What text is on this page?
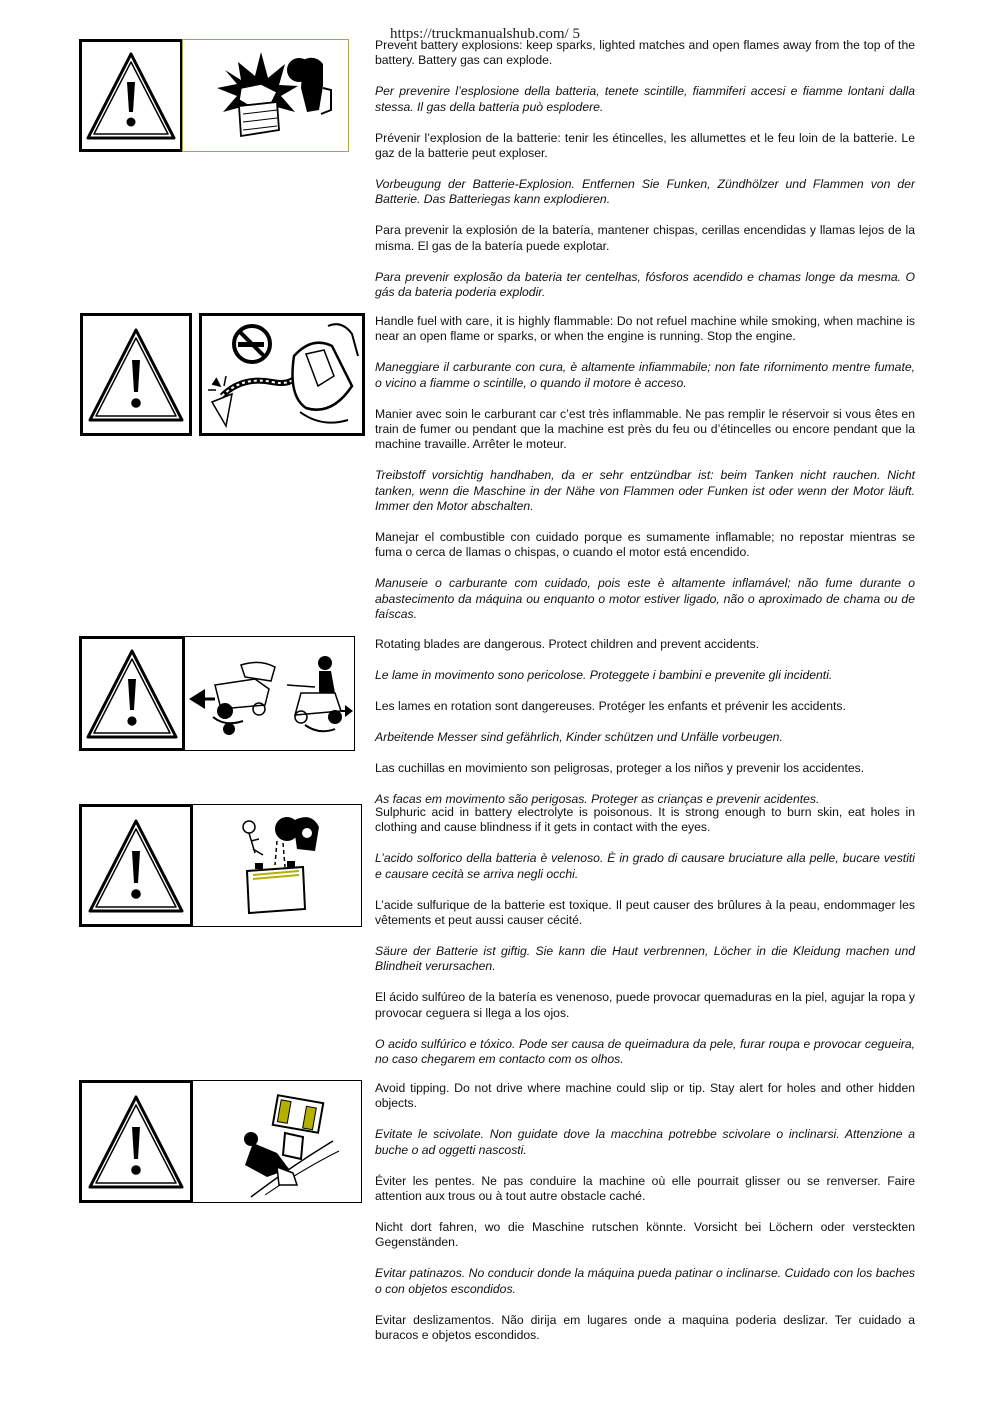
https://truckmanualshub.com/ 5

Prevent battery explosions: keep sparks, lighted matches and open flames away from the top of the battery. Battery gas can explode.

Per prevenire l’esplosione della batteria, tenete scintille, fiammiferi accesi e fiamme lontani dalla stessa. Il gas della batteria può esplodere.

Prévenir l’explosion de la batterie: tenir les étincelles, les allumettes et le feu loin de la batterie. Le gaz de la batterie peut exploser.

Vorbeugung der Batterie-Explosion. Entfernen Sie Funken, Zündhölzer und Flammen von der Batterie. Das Batteriegas kann explodieren.

Para prevenir la explosión de la batería, mantener chispas, cerillas encendidas y llamas lejos de la misma. El gas de la batería puede explotar.

Para prevenir explosão da bateria ter centelhas, fósforos acendido e chamas longe da mesma. O gás da bateria poderia explodir.

Handle fuel with care, it is highly flammable: Do not refuel machine while smoking, when machine is near an open flame or sparks, or when the engine is running. Stop the engine.

Maneggiare il carburante con cura, è altamente infiammabile; non fate rifornimento mentre fumate, o vicino a fiamme o scintille, o quando il motore è acceso.

Manier avec soin le carburant car c’est très inflammable. Ne pas remplir le réservoir si vous êtes en train de fumer ou pendant que la machine est près du feu ou d’étincelles ou encore pendant que la machine travaille. Arrêter le moteur.

Treibstoff vorsichtig handhaben, da er sehr entzündbar ist: beim Tanken nicht rauchen. Nicht tanken, wenn die Maschine in der Nähe von Flammen oder Funken ist oder wenn der Motor läuft. Immer den Motor abschalten.

Manejar el combustible con cuidado porque es sumamente inflamable; no repostar mientras se fuma o cerca de llamas o chispas, o cuando el motor está encendido.

Manuseie o carburante com cuidado, pois este è altamente inflamável; não fume durante o abastecimento da máquina ou enquanto o motor estiver ligado, não o aproximado de chama ou de faíscas.

Rotating blades are dangerous. Protect children and prevent accidents.

Le lame in movimento sono pericolose. Proteggete i bambini e prevenite gli incidenti.

Les lames en rotation sont dangereuses. Protéger les enfants et prévenir les accidents.

Arbeitende Messer sind gefährlich, Kinder schützen und Unfälle vorbeugen.

Las cuchillas en movimiento son peligrosas, proteger a los niños y prevenir los accidentes.

As facas em movimento são perigosas. Proteger as crianças e prevenir acidentes.

Sulphuric acid in battery electrolyte is poisonous. It is strong enough to burn skin, eat holes in clothing and cause blindness if it gets in contact with the eyes.

L’acido solforico della batteria è velenoso. È in grado di causare bruciature alla pelle, bucare vestiti e causare cecità se arriva negli occhi.

L’acide sulfurique de la batterie est toxique. Il peut causer des brûlures à la peau, endommager les vêtements et peut aussi causer cécité.

Säure der Batterie ist giftig. Sie kann die Haut verbrennen, Löcher in die Kleidung machen und Blindheit verursachen.

El ácido sulfúreo de la batería es venenoso, puede provocar quemaduras en la piel, agujar la ropa y provocar ceguera si llega a los ojos.

O acido sulfúrico e tóxico. Pode ser causa de queimadura da pele, furar roupa e provocar cegueira, no caso chegarem em contacto com os olhos.

Avoid tipping. Do not drive where machine could slip or tip. Stay alert for holes and other hidden objects.

Evitate le scivolate. Non guidate dove la macchina potrebbe scivolare o inclinarsi. Attenzione a buche o ad oggetti nascosti.

Éviter les pentes. Ne pas conduire la machine où elle pourrait glisser ou se renverser. Faire attention aux trous ou à tout autre obstacle caché.

Nicht dort fahren, wo die Maschine rutschen könnte. Vorsicht bei Löchern oder versteckten Gegenständen.

Evitar patinazos. No conducir donde la máquina pueda patinar o inclinarse. Cuidado con los baches o con objetos escondidos.

Evitar deslizamentos. Não dirija em lugares onde a maquina poderia deslizar. Ter cuidado a buracos e objetos escondidos.
